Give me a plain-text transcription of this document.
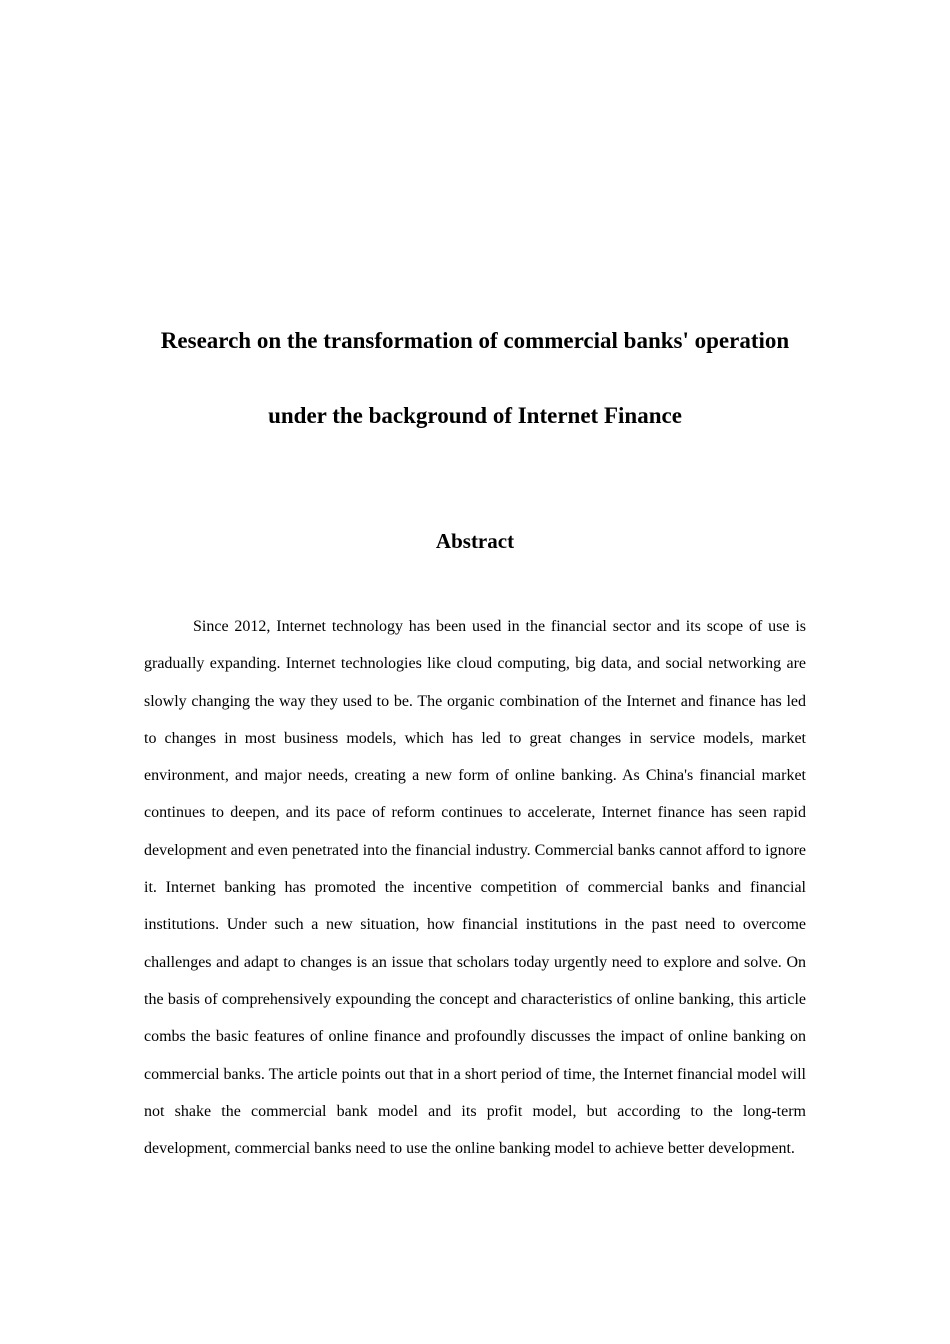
Research on the transformation of commercial banks' operation
under the background of Internet Finance
Abstract

Since 2012, Internet technology has been used in the financial sector and its scope of use is gradually expanding. Internet technologies like cloud computing, big data, and social networking are slowly changing the way they used to be. The organic combination of the Internet and finance has led to changes in most business models, which has led to great changes in service models, market environment, and major needs, creating a new form of online banking. As China's financial market continues to deepen, and its pace of reform continues to accelerate, Internet finance has seen rapid development and even penetrated into the financial industry. Commercial banks cannot afford to ignore it. Internet banking has promoted the incentive competition of commercial banks and financial institutions. Under such a new situation, how financial institutions in the past need to overcome challenges and adapt to changes is an issue that scholars today urgently need to explore and solve. On the basis of comprehensively expounding the concept and characteristics of online banking, this article combs the basic features of online finance and profoundly discusses the impact of online banking on commercial banks. The article points out that in a short period of time, the Internet financial model will not shake the commercial bank model and its profit model, but according to the long-term development, commercial banks need to use the online banking model to achieve better development.
